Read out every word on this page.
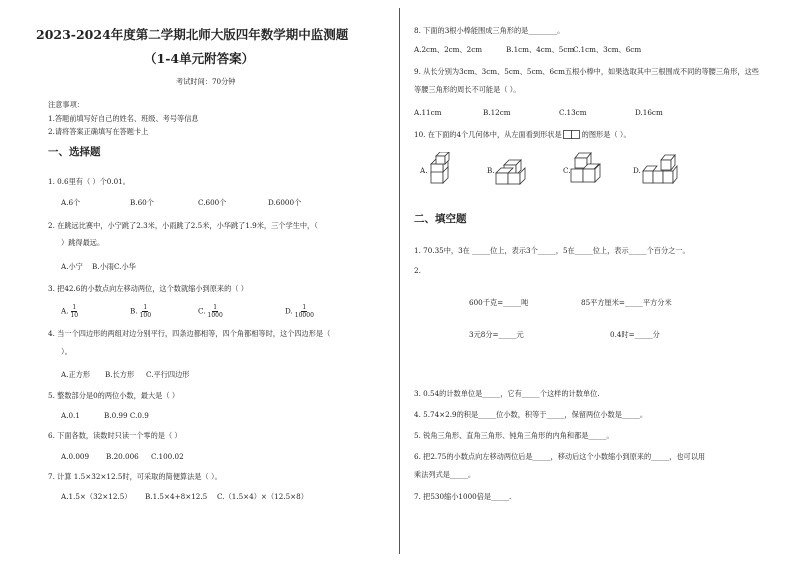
2023-2024年度第二学期北师大版四年数学期中监测题
（1-4单元附答案）
考试时间：70分钟
注意事项：
1.答题前填写好自己的姓名、班级、考号等信息
2.请将答案正确填写在答题卡上
一、选择题
1. 0.6里有（ ）个0.01。
A.6个	B.60个	C.600个	D.6000个
2. 在跳远比赛中，小宁跳了2.3米，小雨跳了2.5米，小华跳了1.9米，三个学生中，（
）跳得最远。
A.小宁 B.小雨C.小华
3. 把42.6的小数点向左移动两位，这个数就缩小到原来的（ ）
A. $\frac{1}{10}$	B. $\frac{1}{100}$	C. $\frac{1}{1000}$	D. $\frac{1}{10000}$
4. 当一个四边形的两组对边分别平行，四条边都相等，四个角都相等时，这个四边形是（
）。
A.正方形 B.长方形 C.平行四边形
5. 整数部分是0的两位小数，最大是（ ）
A.0.1	B.0.99 C.0.9
6. 下面各数，读数时只读一个零的是（ ）
A.0.009 B.20.006 C.100.02
7. 计算 1.5×32×12.5时，可采取的简便算法是（ ）。
A.1.5×（32×12.5） B.1.5×4+8×12.5 C.（1.5×4）×（12.5×8）
8. 下面的3根小棒能围成三角形的是________。
A.2cm、2cm、2cm	B.1cm、4cm、5cm
C.1cm、3cm、6cm
9. 从长分别为3cm、3cm、5cm、5cm、6cm五根小棒中，如果选取其中三根围成不同的等腰三角形，这些
等腰三角形的周长不可能是（ ）。
A.11cm	B.12cm	C.13cm	D.16cm
10. 在下面的4个几何体中，从左面看到形状是	的图形是（ ）。
A.	B.	C.	D.
二、填空题
1. 70.35中，3在 _____位上，表示3个_____，5在_____位上，表示_____个百分之一。
2.
600千克=_____吨	85平方厘米=_____平方分米
3元8分=_____元	0.4时=_____分
3. 0.54的计数单位是_____，它有_____个这样的计数单位.
4. 5.74×2.9的积是_____位小数，积等于_____，保留两位小数是_____。
5. 锐角三角形、直角三角形、钝角三角形的内角和都是_____。
6. 把2.75的小数点向左移动两位后是_____，移动后这个小数缩小到原来的_____，也可以用
乘法列式是_____。
7. 把530缩小1000倍是_____.
